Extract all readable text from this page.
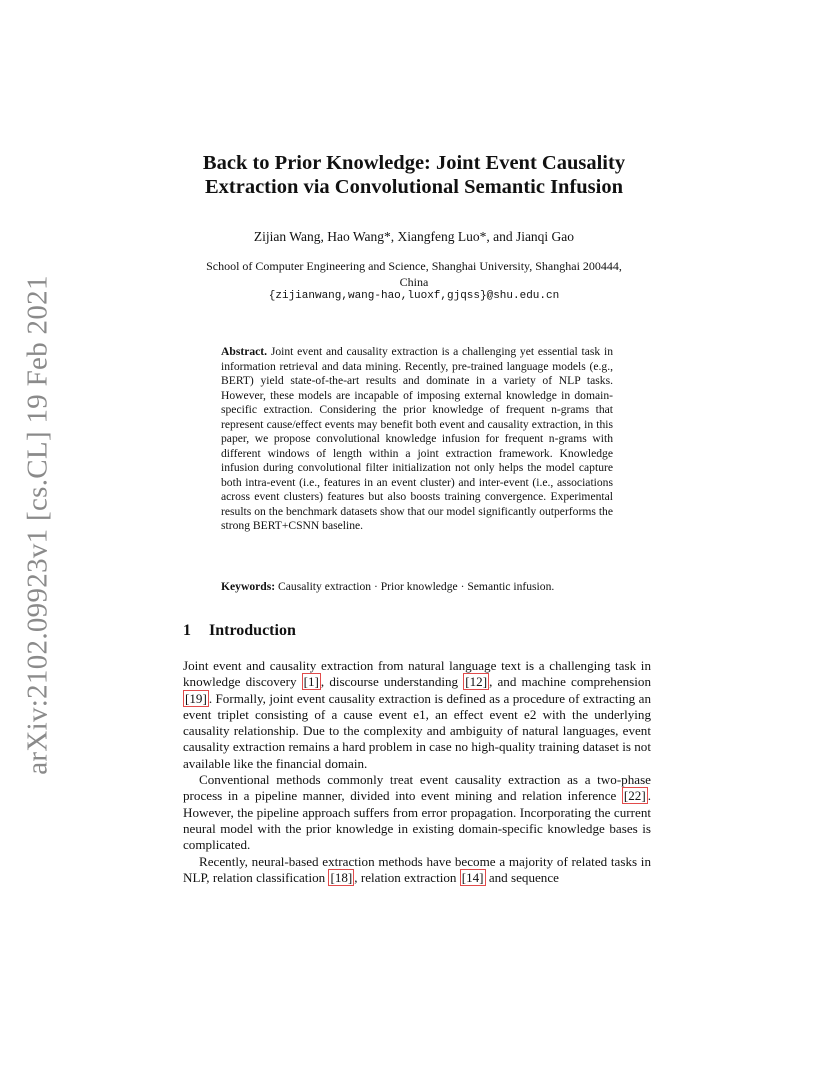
arXiv:2102.09923v1 [cs.CL] 19 Feb 2021
Back to Prior Knowledge: Joint Event Causality
Extraction via Convolutional Semantic Infusion
Zijian Wang, Hao Wang*, Xiangfeng Luo*, and Jianqi Gao
School of Computer Engineering and Science, Shanghai University, Shanghai 200444,
China
{zijianwang,wang-hao,luoxf,gjqss}@shu.edu.cn
Abstract. Joint event and causality extraction is a challenging yet essential task in information retrieval and data mining. Recently, pre-trained language models (e.g., BERT) yield state-of-the-art results and dominate in a variety of NLP tasks. However, these models are incapable of imposing external knowledge in domain-specific extraction. Considering the prior knowledge of frequent n-grams that represent cause/effect events may benefit both event and causality extraction, in this paper, we propose convolutional knowledge infusion for frequent n-grams with different windows of length within a joint extraction framework. Knowledge infusion during convolutional filter initialization not only helps the model capture both intra-event (i.e., features in an event cluster) and inter-event (i.e., associations across event clusters) features but also boosts training convergence. Experimental results on the benchmark datasets show that our model significantly outperforms the strong BERT+CSNN baseline.
Keywords: Causality extraction · Prior knowledge · Semantic infusion.
1 Introduction

Joint event and causality extraction from natural language text is a challenging task in knowledge discovery [1] , discourse understanding [12] , and machine comprehension [19] . Formally, joint event causality extraction is defined as a procedure of extracting an event triplet consisting of a cause event e1, an effect event e2 with the underlying causality relationship. Due to the complexity and ambiguity of natural languages, event causality extraction remains a hard problem in case no high-quality training dataset is not available like the financial domain.

Conventional methods commonly treat event causality extraction as a two-phase process in a pipeline manner, divided into event mining and relation inference [22] . However, the pipeline approach suffers from error propagation. Incorporating the current neural model with the prior knowledge in existing domain-specific knowledge bases is complicated.

Recently, neural-based extraction methods have become a majority of related tasks in NLP, relation classification [18] , relation extraction [14] and sequence
